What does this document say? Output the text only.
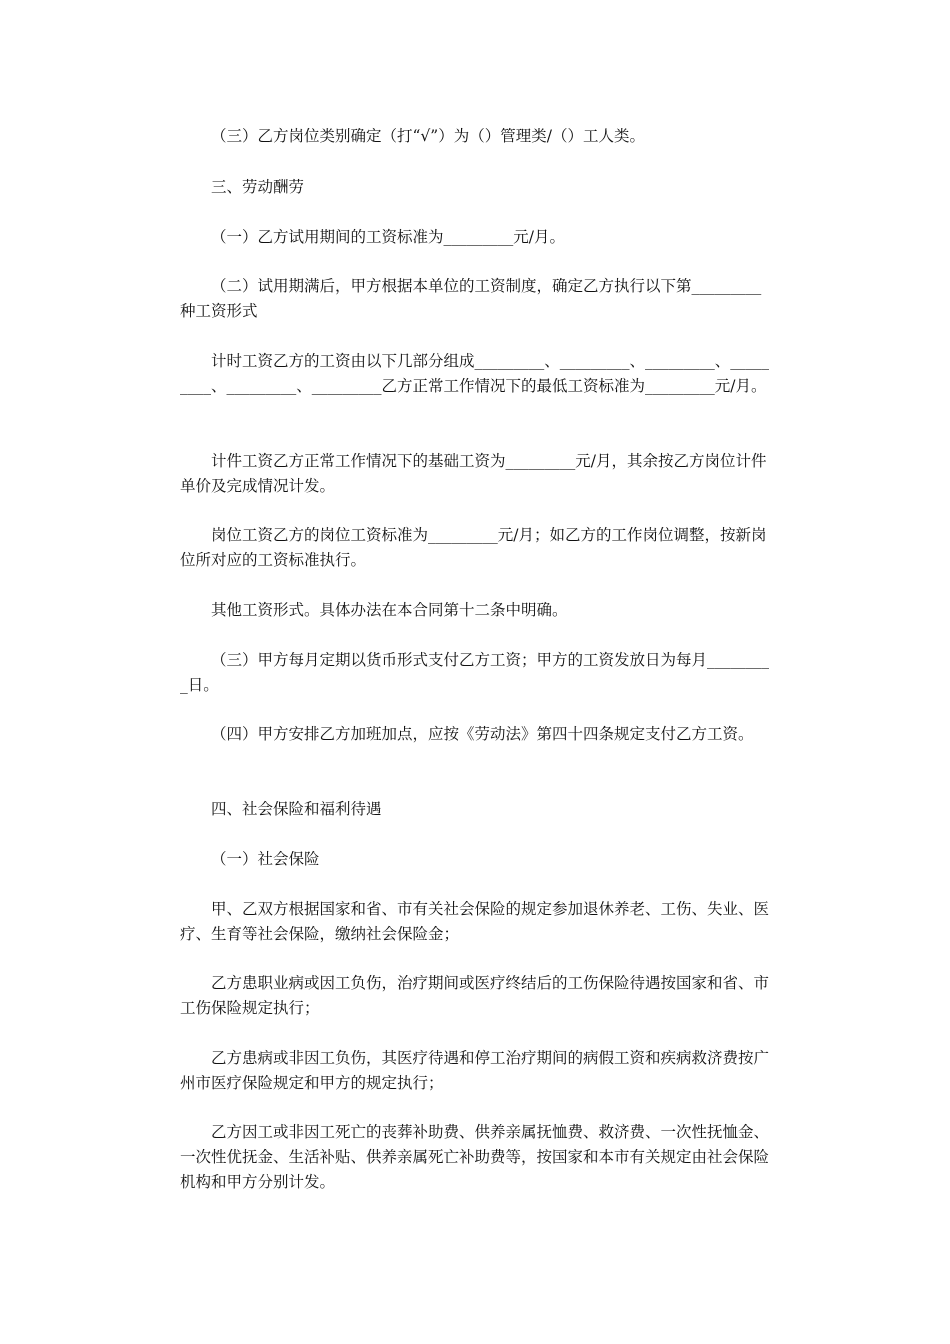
（三）乙方岗位类别确定（打“√”）为（）管理类/（）工人类。

三、劳动酬劳

（一）乙方试用期间的工资标准为_________元/月。

（二）试用期满后，甲方根据本单位的工资制度，确定乙方执行以下第_________种工资形式

计时工资乙方的工资由以下几部分组成_________、_________、_________、_________、_________、_________乙方正常工作情况下的最低工资标准为_________元/月。

计件工资乙方正常工作情况下的基础工资为_________元/月，其余按乙方岗位计件单价及完成情况计发。

岗位工资乙方的岗位工资标准为_________元/月；如乙方的工作岗位调整，按新岗位所对应的工资标准执行。

其他工资形式。具体办法在本合同第十二条中明确。

（三）甲方每月定期以货币形式支付乙方工资；甲方的工资发放日为每月_________日。

（四）甲方安排乙方加班加点，应按《劳动法》第四十四条规定支付乙方工资。

四、社会保险和福利待遇

（一）社会保险

甲、乙双方根据国家和省、市有关社会保险的规定参加退休养老、工伤、失业、医疗、生育等社会保险，缴纳社会保险金；

乙方患职业病或因工负伤，治疗期间或医疗终结后的工伤保险待遇按国家和省、市工伤保险规定执行；

乙方患病或非因工负伤，其医疗待遇和停工治疗期间的病假工资和疾病救济费按广州市医疗保险规定和甲方的规定执行；

乙方因工或非因工死亡的丧葬补助费、供养亲属抚恤费、救济费、一次性抚恤金、一次性优抚金、生活补贴、供养亲属死亡补助费等，按国家和本市有关规定由社会保险机构和甲方分别计发。
